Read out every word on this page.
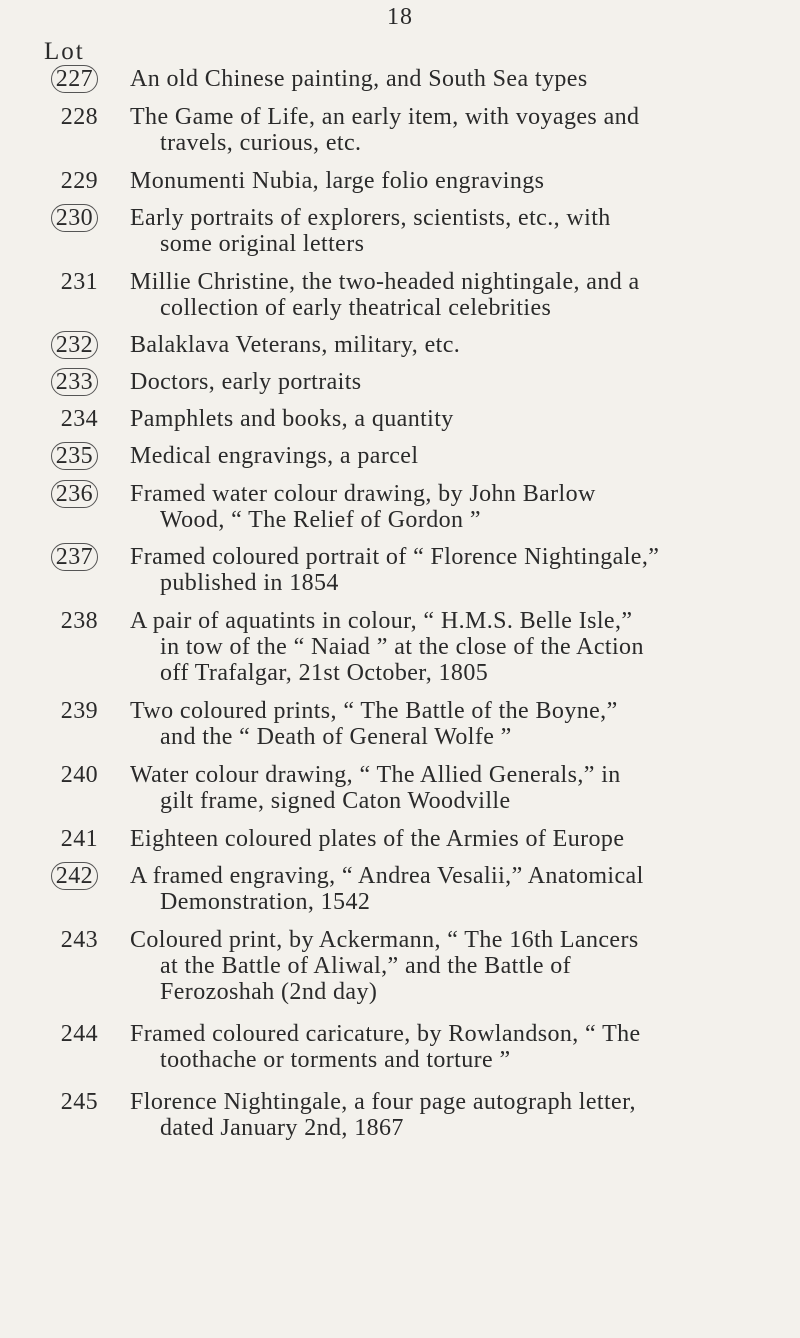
18
Lot
227 An old Chinese painting, and South Sea types
228 The Game of Life, an early item, with voyages and
travels, curious, etc.
229 Monumenti Nubia, large folio engravings
230 Early portraits of explorers, scientists, etc., with
some original letters
231 Millie Christine, the two-headed nightingale, and a
collection of early theatrical celebrities
232 Balaklava Veterans, military, etc.
233 Doctors, early portraits
234 Pamphlets and books, a quantity
235 Medical engravings, a parcel
236 Framed water colour drawing, by John Barlow
Wood, “ The Relief of Gordon ”
237 Framed coloured portrait of “ Florence Nightingale,”
published in 1854
238 A pair of aquatints in colour, “ H.M.S. Belle Isle,”
in tow of the “ Naiad ” at the close of the Action
off Trafalgar, 21st October, 1805
239 Two coloured prints, “ The Battle of the Boyne,”
and the “ Death of General Wolfe ”
240 Water colour drawing, “ The Allied Generals,” in
gilt frame, signed Caton Woodville
241 Eighteen coloured plates of the Armies of Europe
242 A framed engraving, “ Andrea Vesalii,” Anatomical
Demonstration, 1542
243 Coloured print, by Ackermann, “ The 16th Lancers
at the Battle of Aliwal,” and the Battle of
Ferozoshah (2nd day)
244 Framed coloured caricature, by Rowlandson, “ The
toothache or torments and torture ”
245 Florence Nightingale, a four page autograph letter,
dated January 2nd, 1867
